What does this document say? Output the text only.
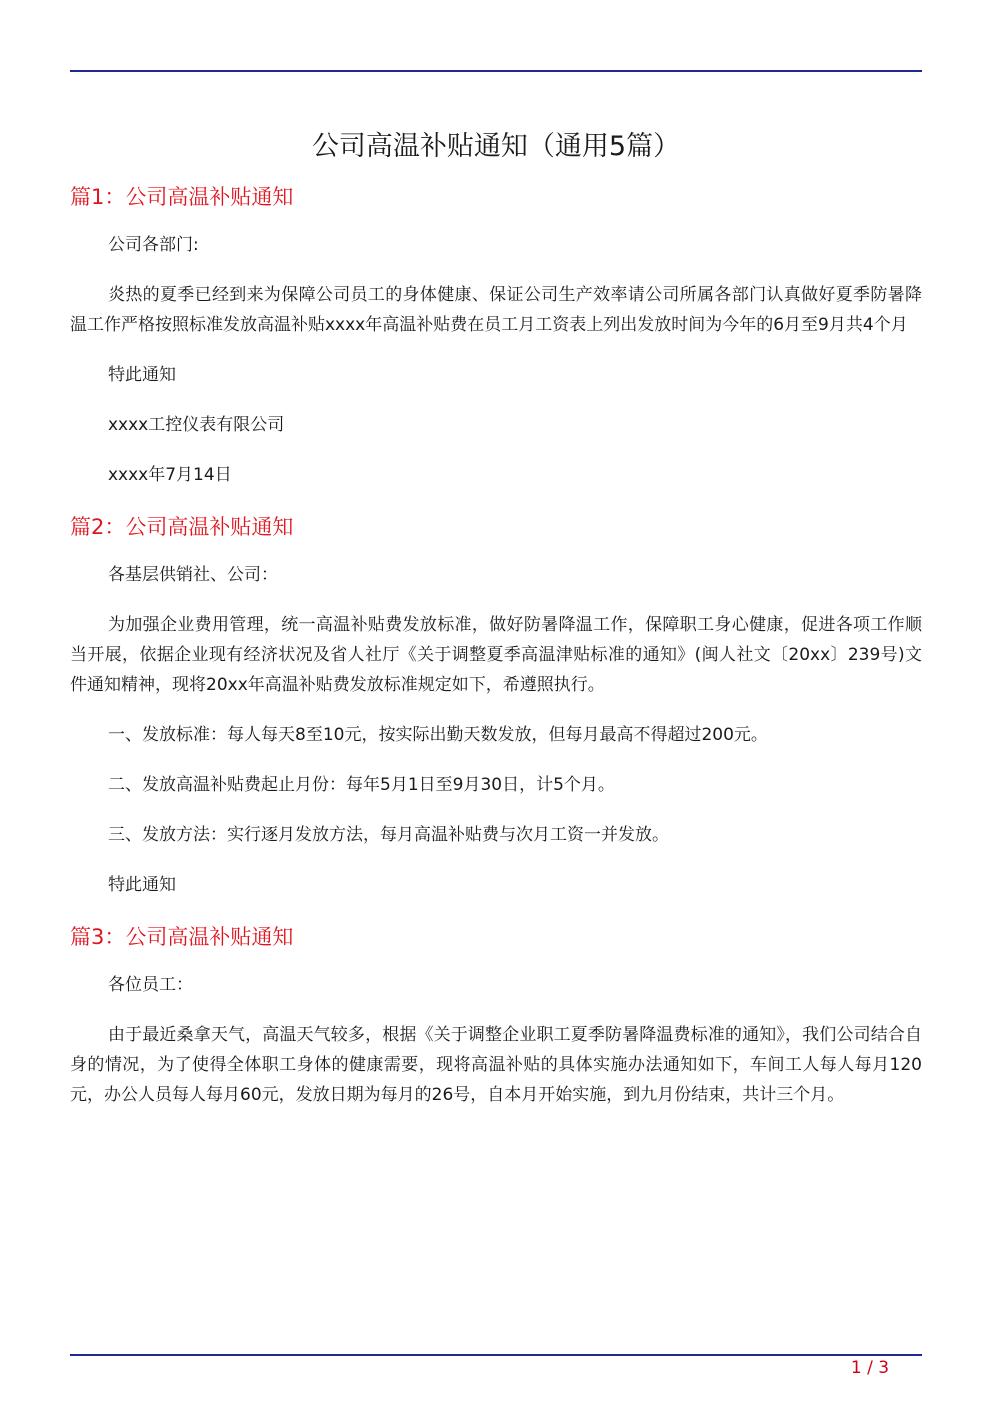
公司高温补贴通知（通用5篇）
篇1：公司高温补贴通知

公司各部门:

炎热的夏季已经到来为保障公司员工的身体健康、保证公司生产效率请公司所属各部门认真做好夏季防暑降温工作严格按照标准发放高温补贴xxxx年高温补贴费在员工月工资表上列出发放时间为今年的6月至9月共4个月

特此通知

xxxx工控仪表有限公司

xxxx年7月14日

篇2：公司高温补贴通知

各基层供销社、公司：

为加强企业费用管理，统一高温补贴费发放标准，做好防暑降温工作，保障职工身心健康，促进各项工作顺当开展，依据企业现有经济状况及省人社厅《关于调整夏季高温津贴标准的通知》(闽人社文〔20xx〕239号)文件通知精神，现将20xx年高温补贴费发放标准规定如下，希遵照执行。

一、发放标准：每人每天8至10元，按实际出勤天数发放，但每月最高不得超过200元。

二、发放高温补贴费起止月份：每年5月1日至9月30日，计5个月。

三、发放方法：实行逐月发放方法，每月高温补贴费与次月工资一并发放。

特此通知

篇3：公司高温补贴通知

各位员工：

由于最近桑拿天气，高温天气较多，根据《关于调整企业职工夏季防暑降温费标准的通知》，我们公司结合自身的情况，为了使得全体职工身体的健康需要，现将高温补贴的具体实施办法通知如下，车间工人每人每月120元，办公人员每人每月60元，发放日期为每月的26号，自本月开始实施，到九月份结束，共计三个月。

1 / 3
